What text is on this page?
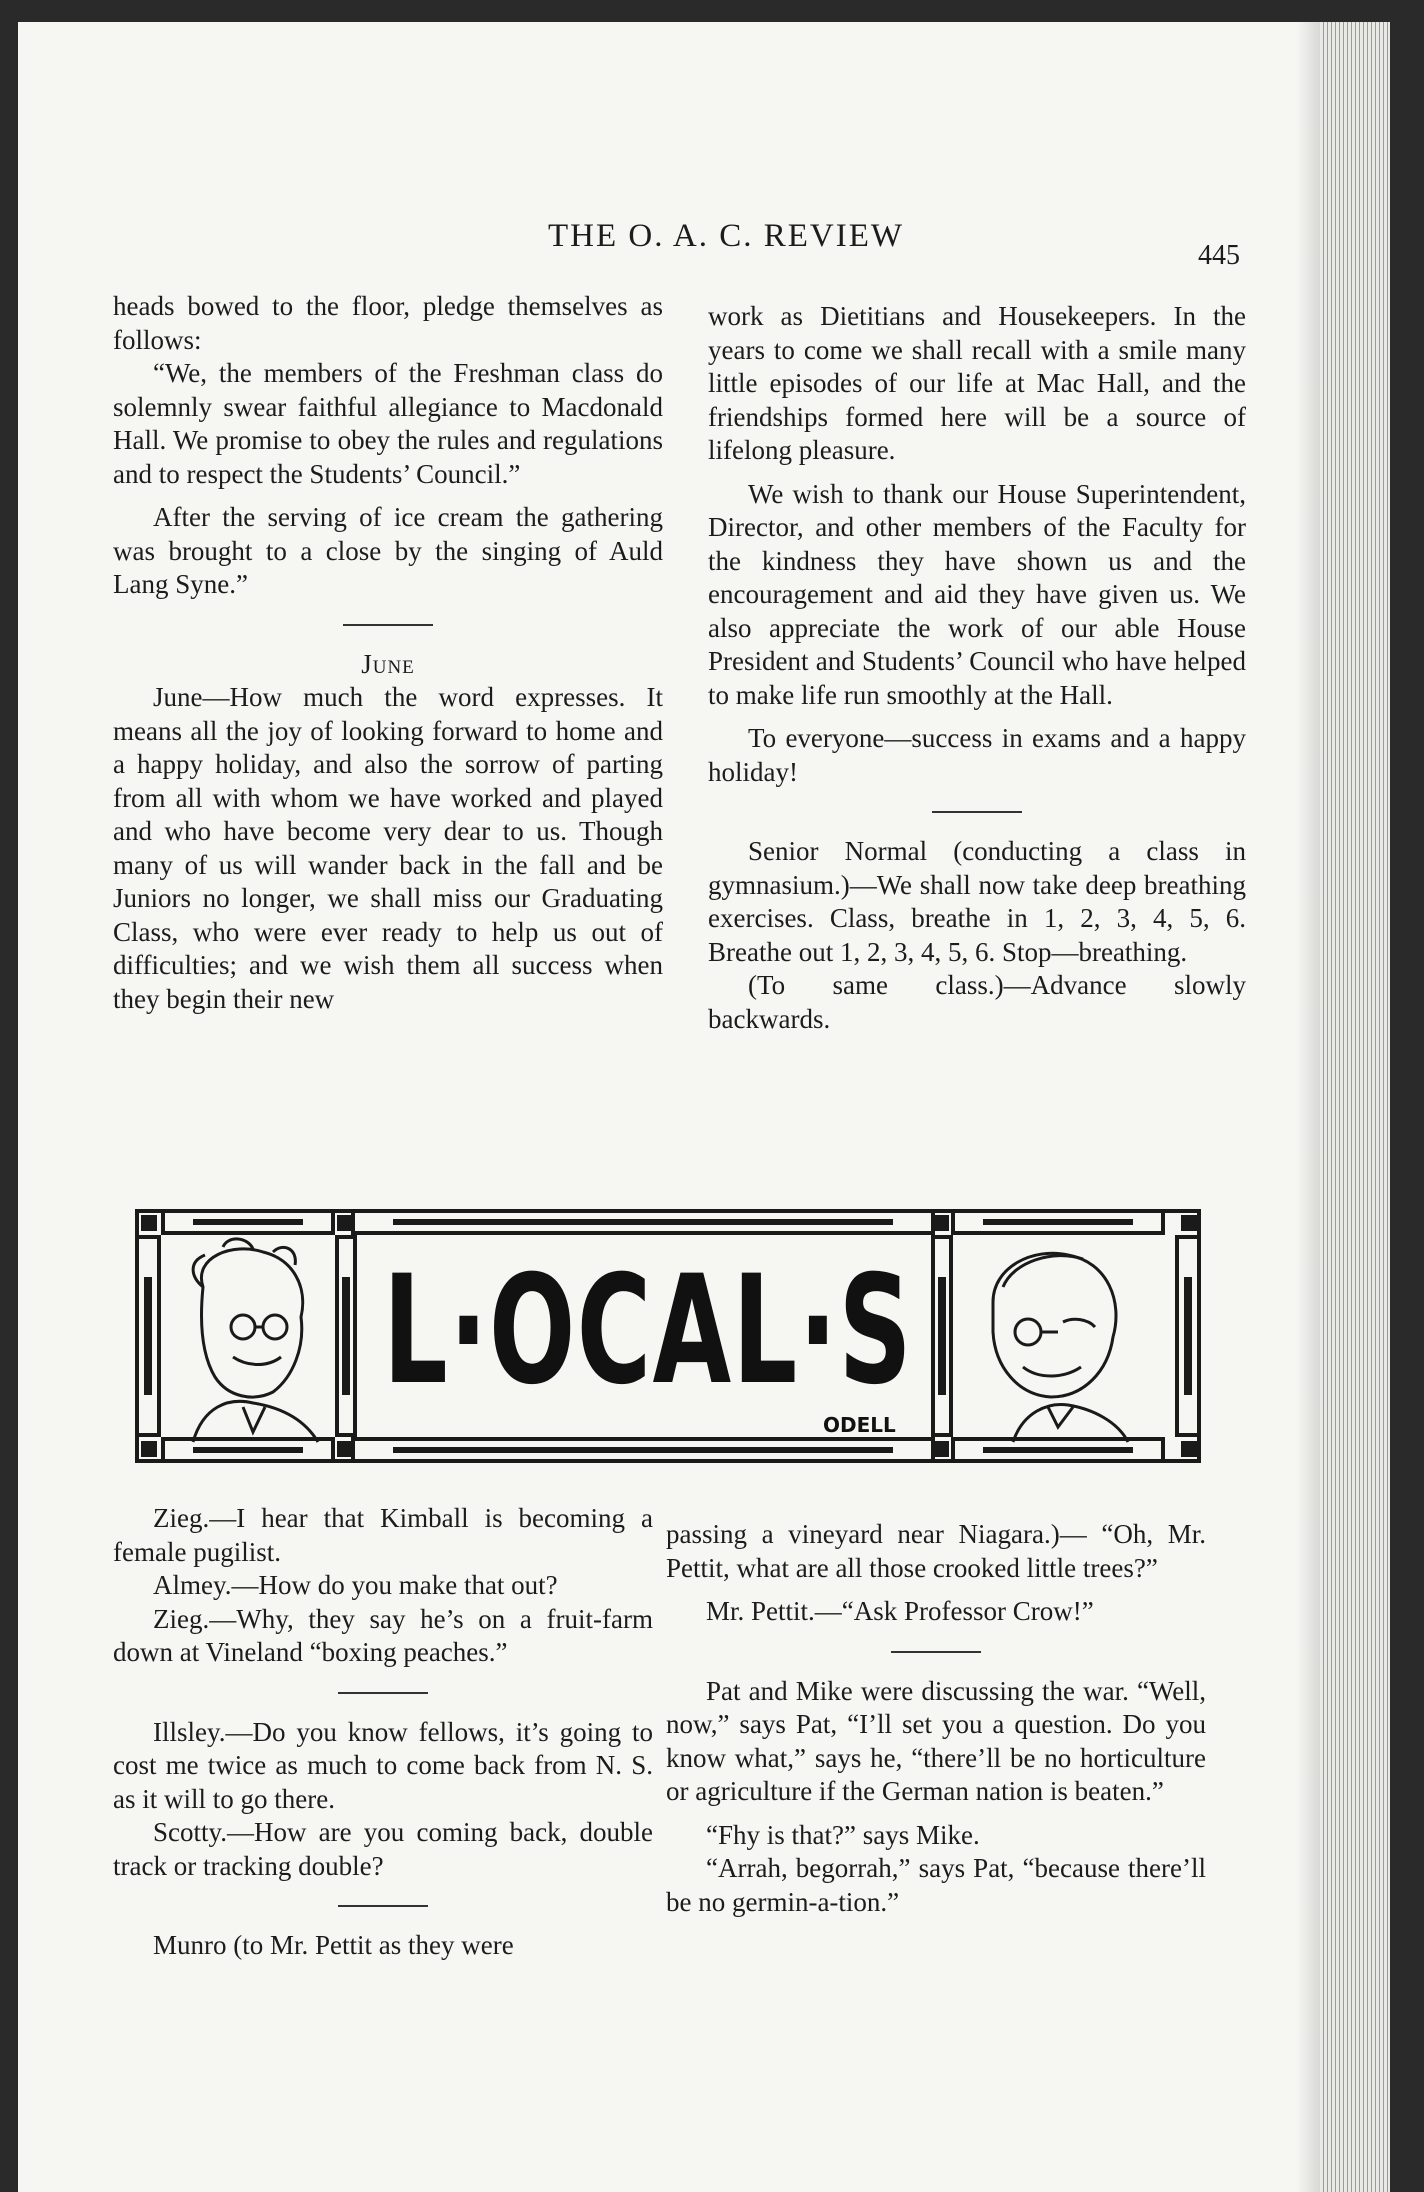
THE O. A. C. REVIEW
445

heads bowed to the floor, pledge themselves as follows:

“We, the members of the Freshman class do solemnly swear faithful allegiance to Macdonald Hall. We promise to obey the rules and regulations and to respect the Students’ Council.”

After the serving of ice cream the gathering was brought to a close by the singing of Auld Lang Syne.”

June

June—How much the word expresses. It means all the joy of looking forward to home and a happy holiday, and also the sorrow of parting from all with whom we have worked and played and who have become very dear to us. Though many of us will wander back in the fall and be Juniors no longer, we shall miss our Graduating Class, who were ever ready to help us out of difficulties; and we wish them all success when they begin their new

work as Dietitians and Housekeepers. In the years to come we shall recall with a smile many little episodes of our life at Mac Hall, and the friendships formed here will be a source of lifelong pleasure.

We wish to thank our House Superintendent, Director, and other members of the Faculty for the kindness they have shown us and the encouragement and aid they have given us. We also appreciate the work of our able House President and Students’ Council who have helped to make life run smoothly at the Hall.

To everyone—success in exams and a happy holiday!

Senior Normal (conducting a class in gymnasium.)—We shall now take deep breathing exercises. Class, breathe in 1, 2, 3, 4, 5, 6. Breathe out 1, 2, 3, 4, 5, 6. Stop—breathing.

(To same class.)—Advance slowly backwards.

L·OCAL·S
ODELL

Zieg.—I hear that Kimball is becoming a female pugilist.

Almey.—How do you make that out?

Zieg.—Why, they say he’s on a fruit-farm down at Vineland “boxing peaches.”

Illsley.—Do you know fellows, it’s going to cost me twice as much to come back from N. S. as it will to go there.

Scotty.—How are you coming back, double track or tracking double?

Munro (to Mr. Pettit as they were

passing a vineyard near Niagara.)— “Oh, Mr. Pettit, what are all those crooked little trees?”

Mr. Pettit.—“Ask Professor Crow!”

Pat and Mike were discussing the war. “Well, now,” says Pat, “I’ll set you a question. Do you know what,” says he, “there’ll be no horticulture or agriculture if the German nation is beaten.”

“Fhy is that?” says Mike.

“Arrah, begorrah,” says Pat, “because there’ll be no germin-a-tion.”
